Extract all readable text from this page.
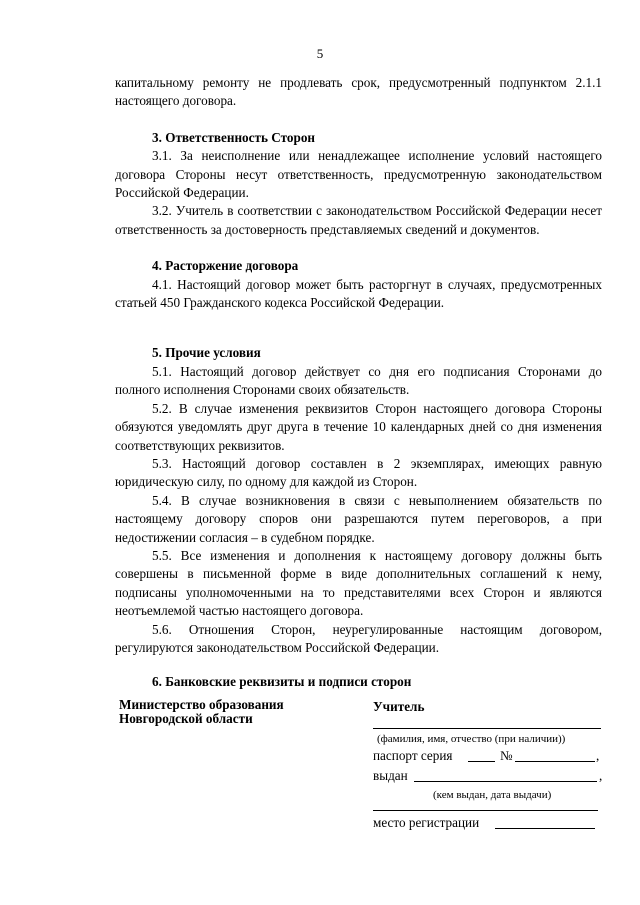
5

капитальному ремонту не продлевать срок, предусмотренный подпунктом 2.1.1 настоящего договора.

3. Ответственность Сторон

3.1. За неисполнение или ненадлежащее исполнение условий настоящего договора Стороны несут ответственность, предусмотренную законодательством Российской Федерации.

3.2. Учитель в соответствии с законодательством Российской Федерации несет ответственность за достоверность представляемых сведений и документов.

4. Расторжение договора

4.1. Настоящий договор может быть расторгнут в случаях, предусмотренных статьей 450 Гражданского кодекса Российской Федерации.

5. Прочие условия

5.1. Настоящий договор действует со дня его подписания Сторонами до полного исполнения Сторонами своих обязательств.

5.2. В случае изменения реквизитов Сторон настоящего договора Стороны обязуются уведомлять друг друга в течение 10 календарных дней со дня изменения соответствующих реквизитов.

5.3. Настоящий договор составлен в 2 экземплярах, имеющих равную юридическую силу, по одному для каждой из Сторон.

5.4. В случае возникновения в связи с невыполнением обязательств по настоящему договору споров они разрешаются путем переговоров, а при недостижении согласия – в судебном порядке.

5.5. Все изменения и дополнения к настоящему договору должны быть совершены в письменной форме в виде дополнительных соглашений к нему, подписаны уполномоченными на то представителями всех Сторон и являются неотъемлемой частью настоящего договора.

5.6. Отношения Сторон, неурегулированные настоящим договором, регулируются законодательством Российской Федерации.

6. Банковские реквизиты и подписи сторон

Министерство образования
Новгородской области
Учитель
(фамилия, имя, отчество (при наличии))
паспорт серия	№	,
выдан	,
(кем выдан, дата выдачи)
место регистрации
